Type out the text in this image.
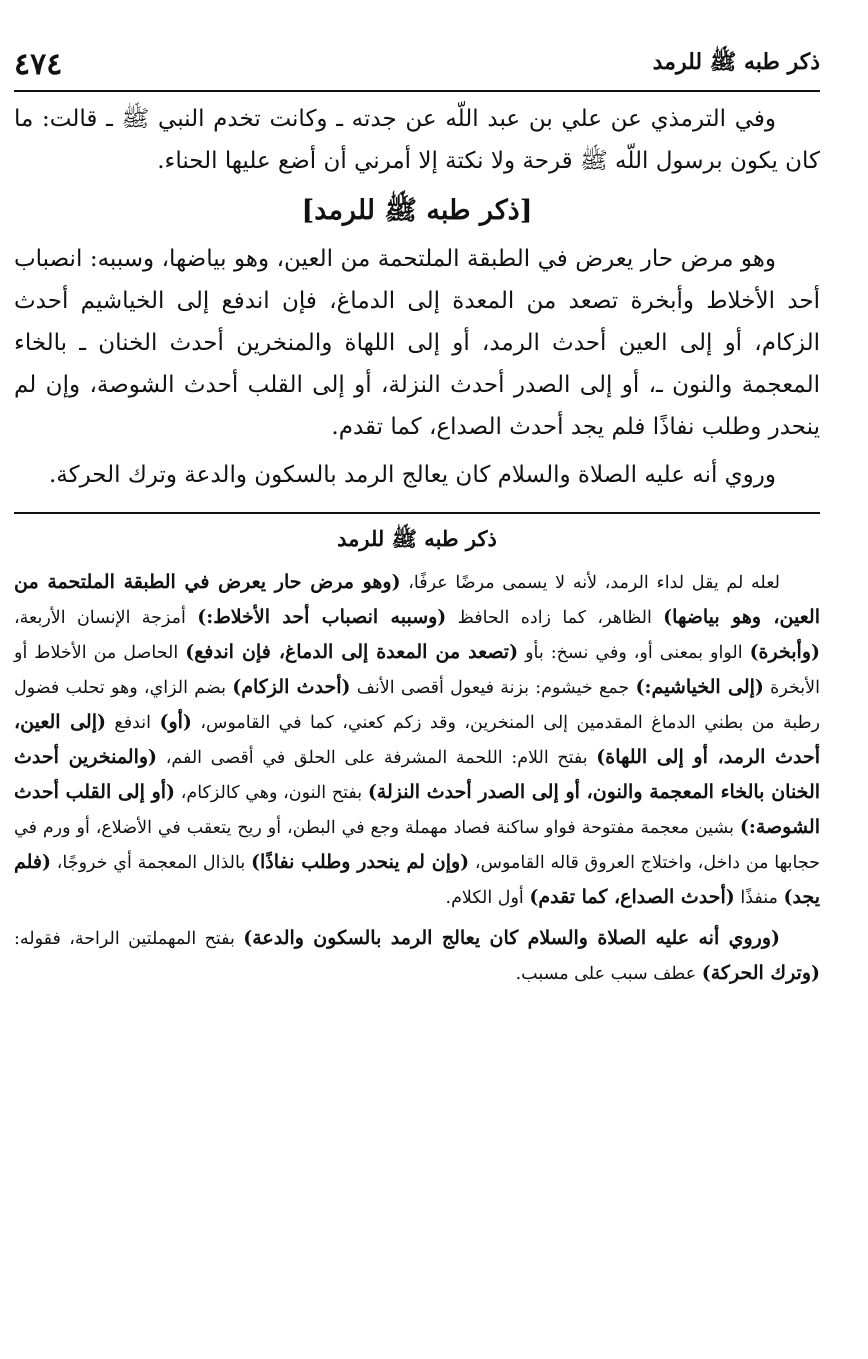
ذكر طبه ﷺ للرمد
٤٧٤

وفي الترمذي عن علي بن عبد اللّه عن جدته ـ وكانت تخدم النبي ﷺ ـ قالت: ما كان يكون برسول اللّه ﷺ قرحة ولا نكتة إلا أمرني أن أضع عليها الحناء.

[ذكر طبه ﷺ للرمد]

وهو مرض حار يعرض في الطبقة الملتحمة من العين، وهو بياضها، وسببه: انصباب أحد الأخلاط وأبخرة تصعد من المعدة إلى الدماغ، فإن اندفع إلى الخياشيم أحدث الزكام، أو إلى العين أحدث الرمد، أو إلى اللهاة والمنخرين أحدث الخنان ـ بالخاء المعجمة والنون ـ، أو إلى الصدر أحدث النزلة، أو إلى القلب أحدث الشوصة، وإن لم ينحدر وطلب نفاذًا فلم يجد أحدث الصداع، كما تقدم.

وروي أنه عليه الصلاة والسلام كان يعالج الرمد بالسكون والدعة وترك الحركة.

ذكر طبه ﷺ للرمد

لعله لم يقل لداء الرمد، لأنه لا يسمى مرضًا عرفًا، (وهو مرض حار يعرض في الطبقة الملتحمة من العين، وهو بياضها) الظاهر، كما زاده الحافظ (وسببه انصباب أحد الأخلاط:) أمزجة الإنسان الأربعة، (وأبخرة) الواو بمعنى أو، وفي نسخ: بأو (تصعد من المعدة إلى الدماغ، فإن اندفع) الحاصل من الأخلاط أو الأبخرة (إلى الخياشيم:) جمع خيشوم: بزنة فيعول أقصى الأنف (أحدث الزكام) بضم الزاي، وهو تحلب فضول رطبة من بطني الدماغ المقدمين إلى المنخرين، وقد زكم كعني، كما في القاموس، (أو) اندفع (إلى العين، أحدث الرمد، أو إلى اللهاة) بفتح اللام: اللحمة المشرفة على الحلق في أقصى الفم، (والمنخرين أحدث الخنان بالخاء المعجمة والنون، أو إلى الصدر أحدث النزلة) بفتح النون، وهي كالزكام، (أو إلى القلب أحدث الشوصة:) بشين معجمة مفتوحة فواو ساكنة فصاد مهملة وجع في البطن، أو ريح يتعقب في الأضلاع، أو ورم في حجابها من داخل، واختلاج العروق قاله القاموس، (وإن لم ينحدر وطلب نفاذًا) بالذال المعجمة أي خروجًا، (فلم يجد) منفذًا (أحدث الصداع، كما تقدم) أول الكلام.

(وروي أنه عليه الصلاة والسلام كان يعالج الرمد بالسكون والدعة) بفتح المهملتين الراحة، فقوله: (وترك الحركة) عطف سبب على مسبب.
